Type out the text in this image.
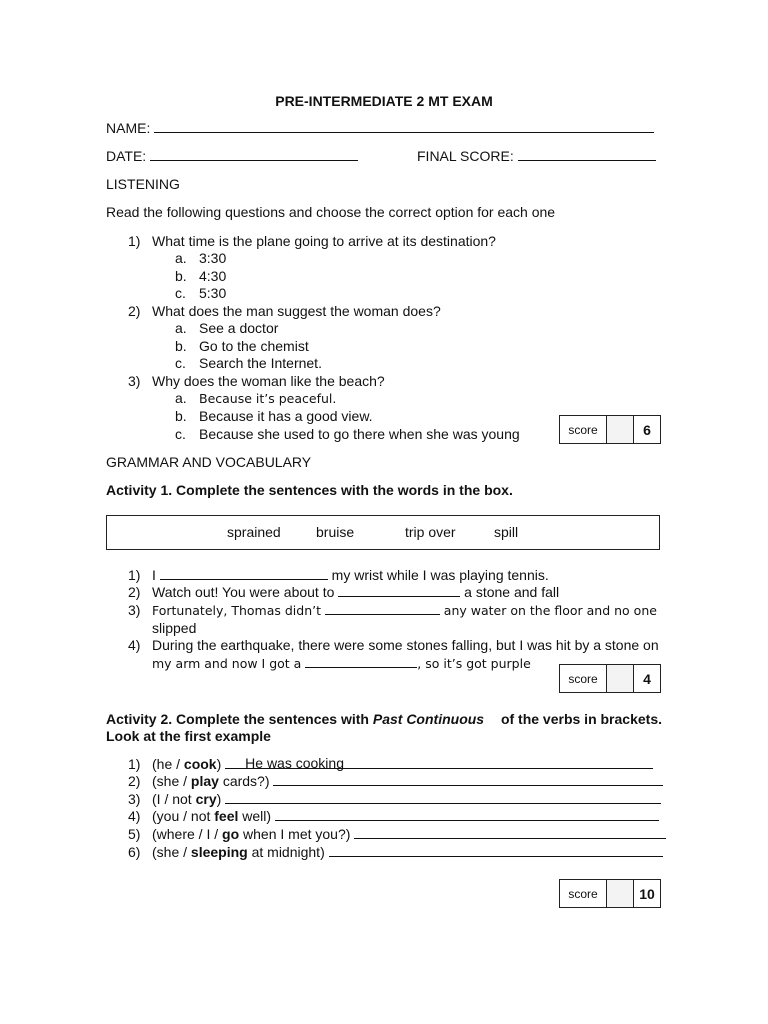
PRE-INTERMEDIATE 2 MT EXAM
NAME:
DATE:	FINAL SCORE:
LISTENING
Read the following questions and choose the correct option for each one
1) What time is the plane going to arrive at its destination?
a. 3:30
b. 4:30
c. 5:30
2) What does the man suggest the woman does?
a. See a doctor
b. Go to the chemist
c. Search the Internet.
3) Why does the woman like the beach?
a. Because it’s peaceful.
b. Because it has a good view.
c. Because she used to go there when she was young	score	6
GRAMMAR AND VOCABULARY
Activity 1. Complete the sentences with the words in the box.
sprained	bruise	trip over	spill
1) I	my wrist while I was playing tennis.
2) Watch out! You were about to	a stone and fall
3) Fortunately, Thomas didn’t	any water on the floor and no one
slipped
4) During the earthquake, there were some stones falling, but I was hit by a stone on
my arm and now I got a	, so it’s got purple
score	4
Activity 2. Complete the sentences with Past Continuous of the verbs in brackets.
Look at the first example
1) (he / cook)	He was cooking
2) (she / play cards?)
3) (I / not cry)
4) (you / not feel well)
5) (where / I / go when I met you?)
6) (she / sleeping at midnight)
score	10
